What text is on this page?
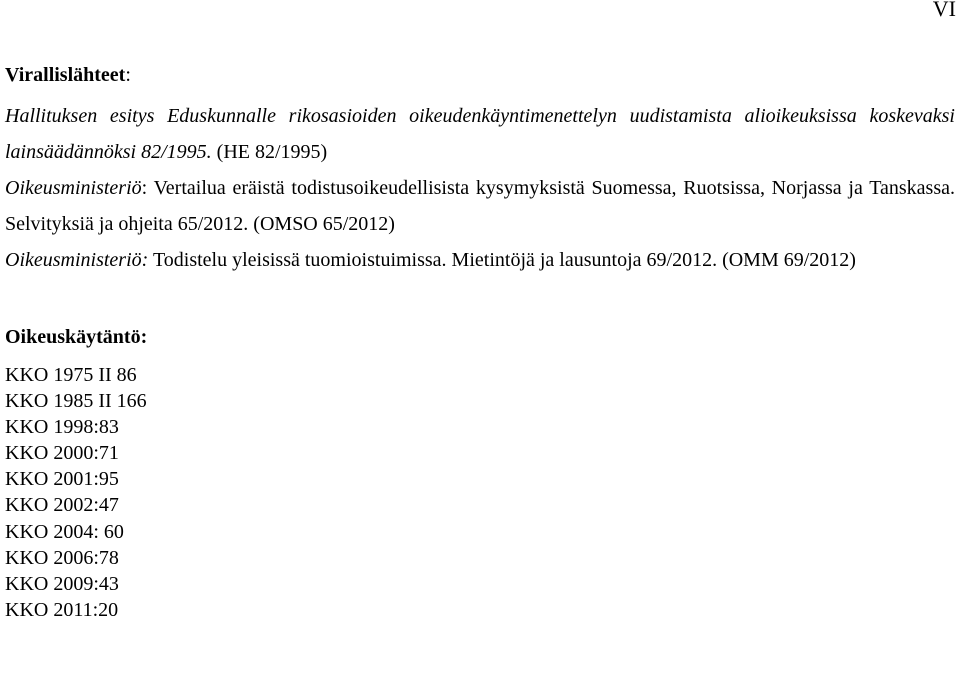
VI
Virallislähteet:
Hallituksen esitys Eduskunnalle rikosasioiden oikeudenkäyntimenettelyn uudistamista alioikeuksissa koskevaksi lainsäädännöksi 82/1995. (HE 82/1995)
Oikeusministeriö: Vertailua eräistä todistusoikeudellisista kysymyksistä Suomessa, Ruotsissa, Norjassa ja Tanskassa. Selvityksiä ja ohjeita 65/2012. (OMSO 65/2012)
Oikeusministeriö: Todistelu yleisissä tuomioistuimissa. Mietintöjä ja lausuntoja 69/2012. (OMM 69/2012)
Oikeuskäytäntö:
KKO 1975 II 86
KKO 1985 II 166
KKO 1998:83
KKO 2000:71
KKO 2001:95
KKO 2002:47
KKO 2004: 60
KKO 2006:78
KKO 2009:43
KKO 2011:20
